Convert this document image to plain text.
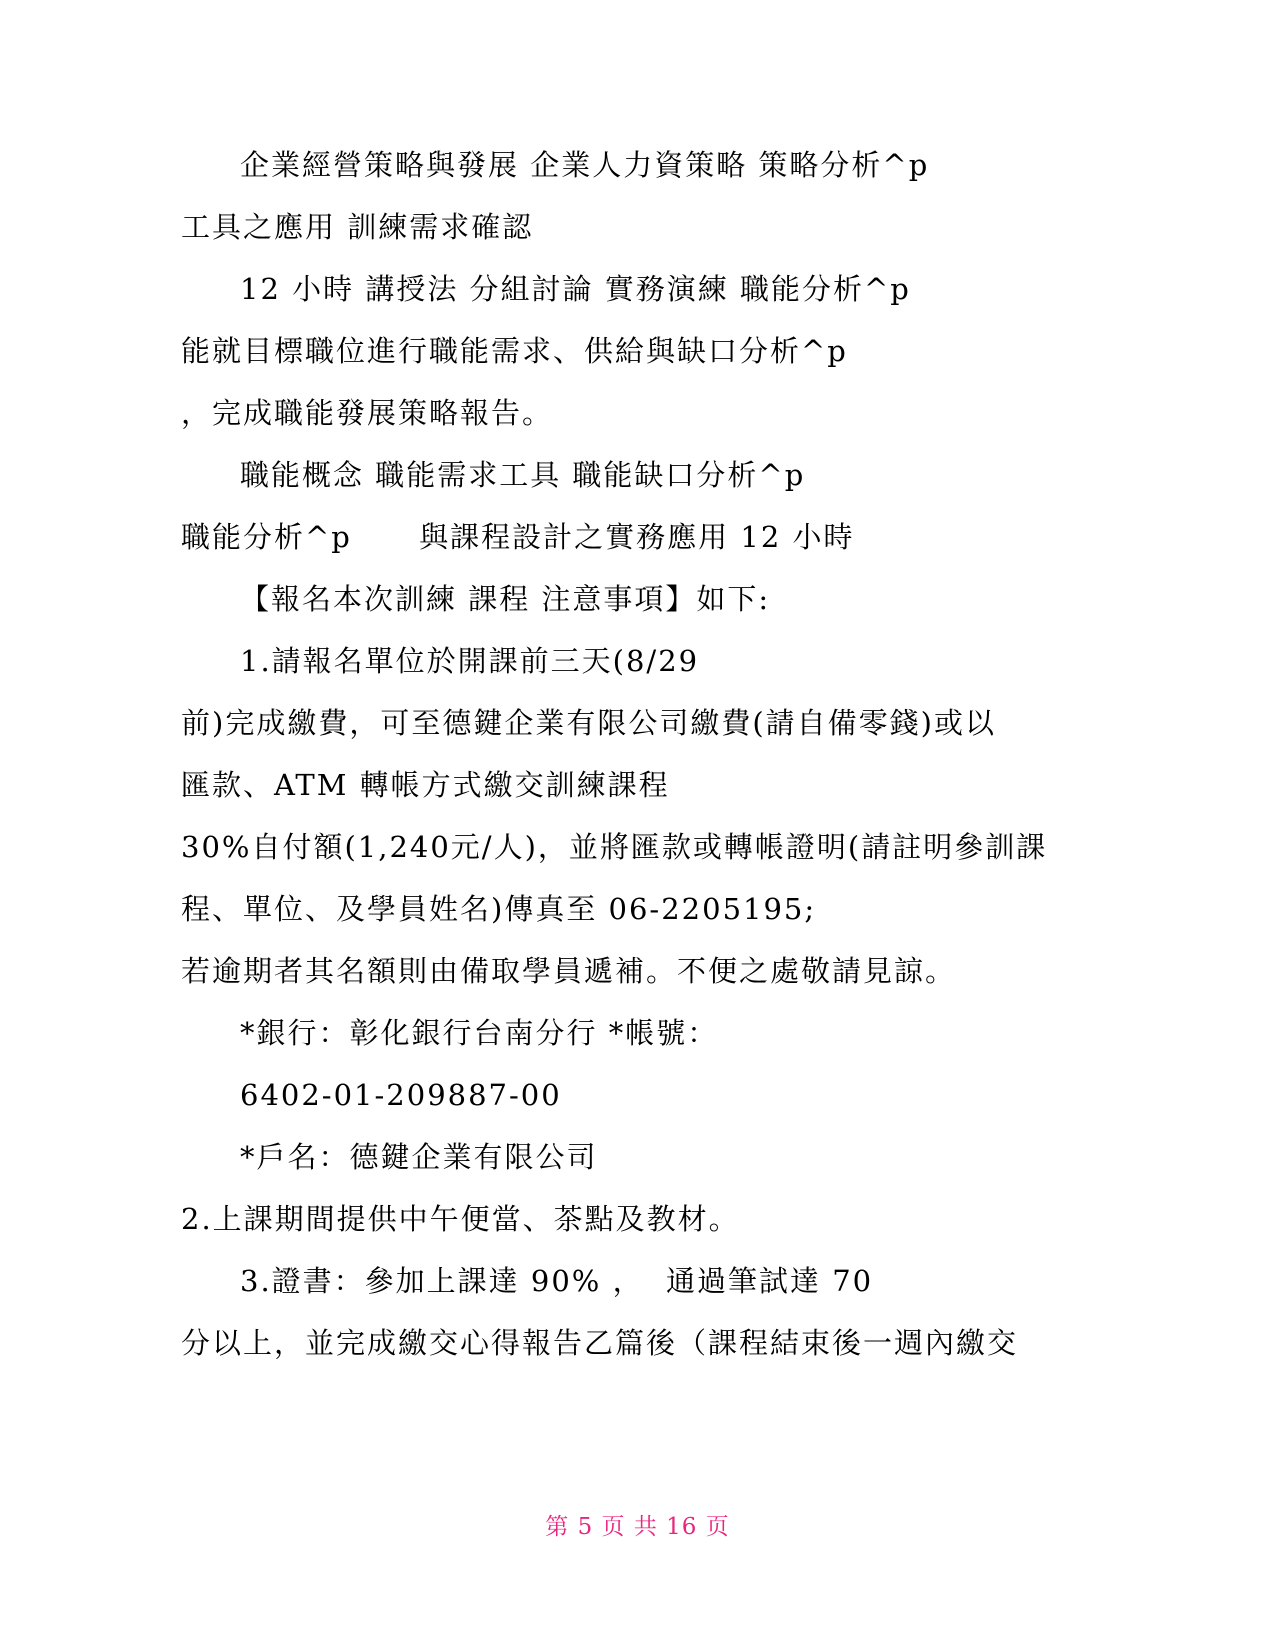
企業經營策略與發展 企業人力資策略 策略分析^p
工具之應用 訓練需求確認
12 小時 講授法 分組討論 實務演練 職能分析^p
能就目標職位進行職能需求、供給與缺口分析^p
，完成職能發展策略報告。
職能概念 職能需求工具 職能缺口分析^p
職能分析^p      與課程設計之實務應用 12 小時
【報名本次訓練 課程 注意事項】如下:
1.請報名單位於開課前三天(8/29
前)完成繳費，可至德鍵企業有限公司繳費(請自備零錢)或以
匯款、ATM 轉帳方式繳交訓練課程
30%自付額(1,240元/人)，並將匯款或轉帳證明(請註明參訓課
程、單位、及學員姓名)傳真至 06-2205195;
若逾期者其名額則由備取學員遞補。不便之處敬請見諒。
*銀行：彰化銀行台南分行 *帳號：
6402-01-209887-00
*戶名：德鍵企業有限公司
2.上課期間提供中午便當、茶點及教材。
3.證書：參加上課達 90% ，  通過筆試達 70
分以上，並完成繳交心得報告乙篇後（課程結束後一週內繳交
第 5 页 共 16 页
